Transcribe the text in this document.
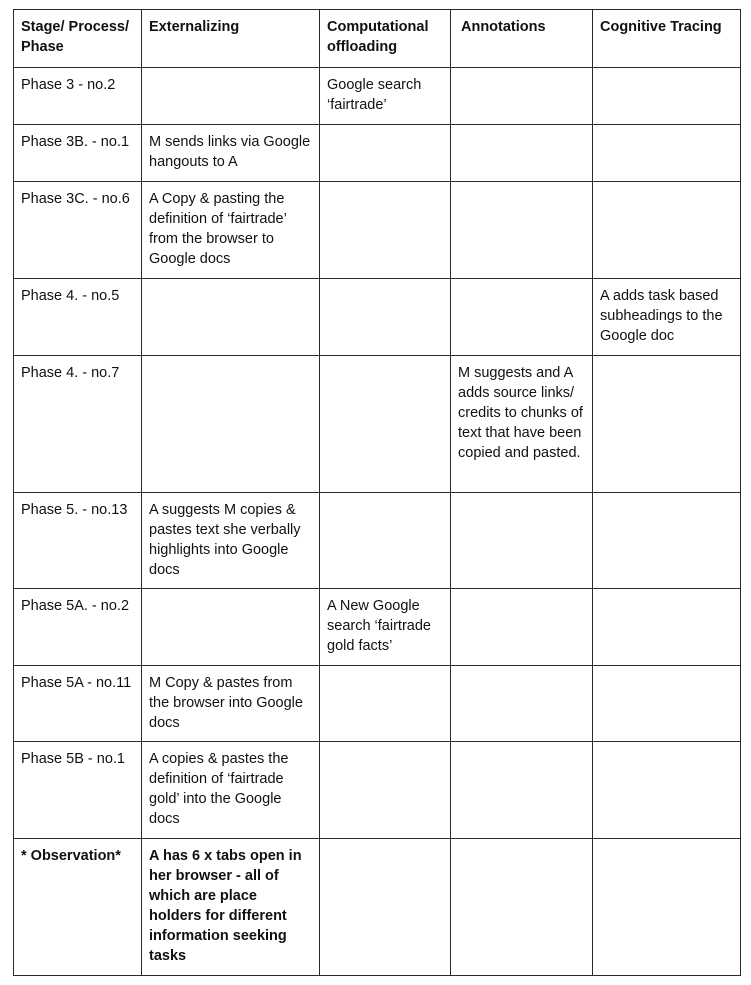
Stage/ Process/ Phase	Externalizing	Computational offloading	Annotations	Cognitive Tracing
Phase 3 - no.2		Google search ‘fairtrade’		
Phase 3B. - no.1	M sends links via Google hangouts to A			
Phase 3C. - no.6	A Copy & pasting the definition of ‘fairtrade’ from the browser to Google docs			
Phase 4. - no.5				A adds task based subheadings to the Google doc
Phase 4. - no.7			M suggests and A adds source links/ credits to chunks of text that have been copied and pasted.	
Phase 5. - no.13	A suggests M copies & pastes text she verbally highlights into Google docs			
Phase 5A. - no.2		A New Google search ‘fairtrade gold facts’		
Phase 5A - no.11	M Copy & pastes from the browser into Google docs			
Phase 5B - no.1	A copies & pastes the definition of ‘fairtrade gold’ into the Google docs			
* Observation*	A has 6 x tabs open in her browser - all of which are place holders for different information seeking tasks			
